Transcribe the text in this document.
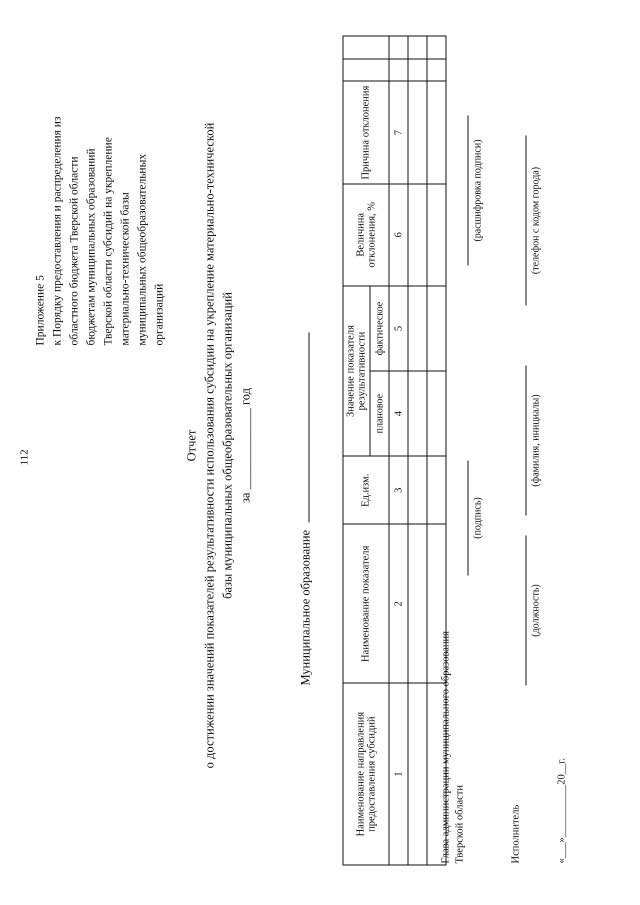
112
Приложение 5 к Порядку предоставления и распределения из областного бюджета Тверской области бюджетам муниципальных образований Тверской области субсидий на укрепление материально-технической базы муниципальных общеобразовательных организаций
Отчет о достижении значений показателей результативности использования субсидии на укрепление материально-технической базы муниципальных общеобразовательных организаций за _____________ год
Муниципальное образование
Наименование направления предоставления субсидий	Наименование показателя	Ед.изм.	Значение показателя результативности		Величина отклонения, %	Причина отклонения		
			плановое	фактическое				
1	2	3	4	5	6	7		

Глава администрации муниципального образования Тверской области
(подпись)
(расшифровка подписи)
Исполнитель
(должность)
(фамилия, инициалы)
(телефон с кодом города)
«___»__________20__г.
